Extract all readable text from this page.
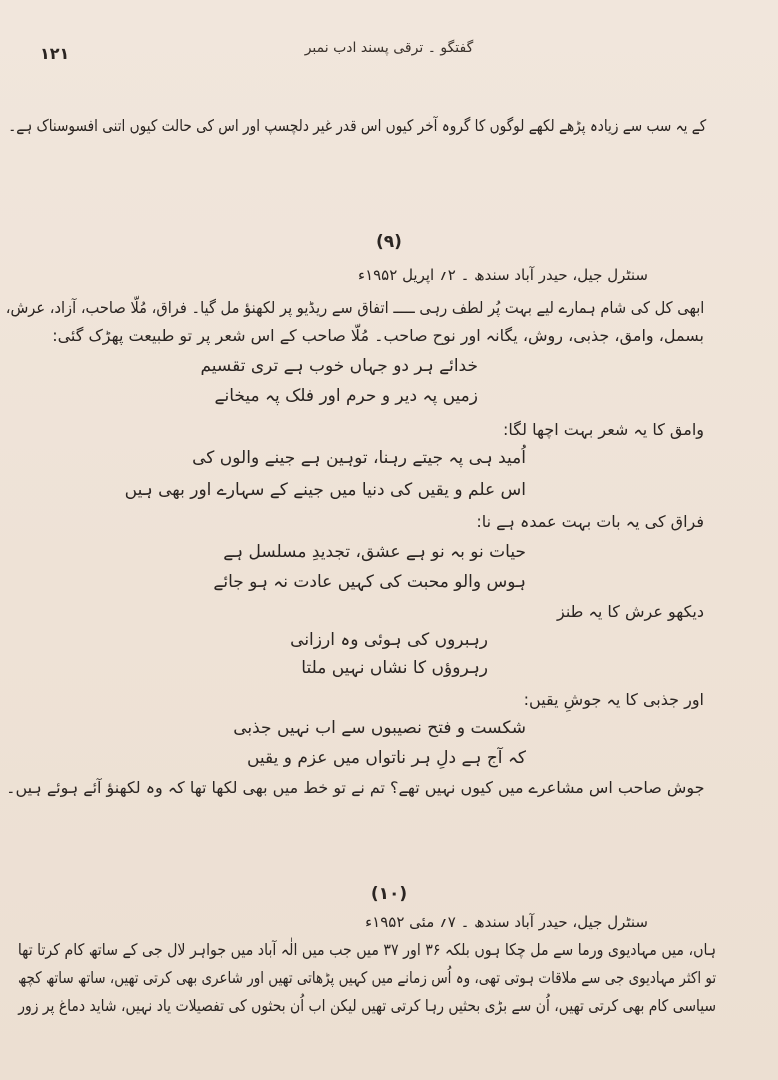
۱۲۱	گفتگو ۔ ترقی پسند ادب نمبر
کے یہ سب سے زیادہ پڑھے لکھے لوگوں کا گروہ آخر کیوں اس قدر غیر دلچسپ اور اس کی حالت کیوں اتنی افسوسناک ہے۔
(۹)
سنٹرل جیل، حیدر آباد سندھ ۔ ۲؍ اپریل ۱۹۵۲ء
ابھی کل کی شام ہمارے لیے بہت پُر لطف رہی ـــــ اتفاق سے ریڈیو پر لکھنؤ مل گیا۔ فراق، مُلّا صاحب، آزاد، عرش،
بسمل، وامق، جذبی، روش، یگانہ اور نوح صاحب۔ مُلّا صاحب کے اس شعر پر تو طبیعت پھڑک گئی:
خدائے ہر دو جہاں خوب ہے تری تقسیم
زمیں پہ دیر و حرم اور فلک پہ میخانے
وامق کا یہ شعر بہت اچھا لگا:
اُمید ہی پہ جیتے رہنا، توہین ہے جینے والوں کی
اس علم و یقیں کی دنیا میں جینے کے سہارے اور بھی ہیں
فراق کی یہ بات بہت عمدہ ہے نا:
حیات نو بہ نو ہے عشق، تجدیدِ مسلسل ہے
ہوس والو محبت کی کہیں عادت نہ ہو جائے
دیکھو عرش کا یہ طنز
رہبروں کی ہوئی وہ ارزانی
رہروؤں کا نشاں نہیں ملتا
اور جذبی کا یہ جوشِ یقیں:
شکست و فتح نصیبوں سے اب نہیں جذبی
کہ آج ہے دلِ ہر ناتواں میں عزم و یقیں
جوش صاحب اس مشاعرے میں کیوں نہیں تھے؟ تم نے تو خط میں بھی لکھا تھا کہ وہ لکھنؤ آئے ہوئے ہیں۔
(۱۰)
سنٹرل جیل، حیدر آباد سندھ ۔ ۷؍ مئی ۱۹۵۲ء
ہاں، میں مہادیوی ورما سے مل چکا ہوں بلکہ ۳۶ اور ۳۷ میں جب میں الٰہ آباد میں جواہر لال جی کے ساتھ کام کرتا تھا
تو اکثر مہادیوی جی سے ملاقات ہوتی تھی، وہ اُس زمانے میں کہیں پڑھاتی تھیں اور شاعری بھی کرتی تھیں، ساتھ ساتھ کچھ
سیاسی کام بھی کرتی تھیں، اُن سے بڑی بحثیں رہا کرتی تھیں لیکن اب اُن بحثوں کی تفصیلات یاد نہیں، شاید دماغ پر زور
